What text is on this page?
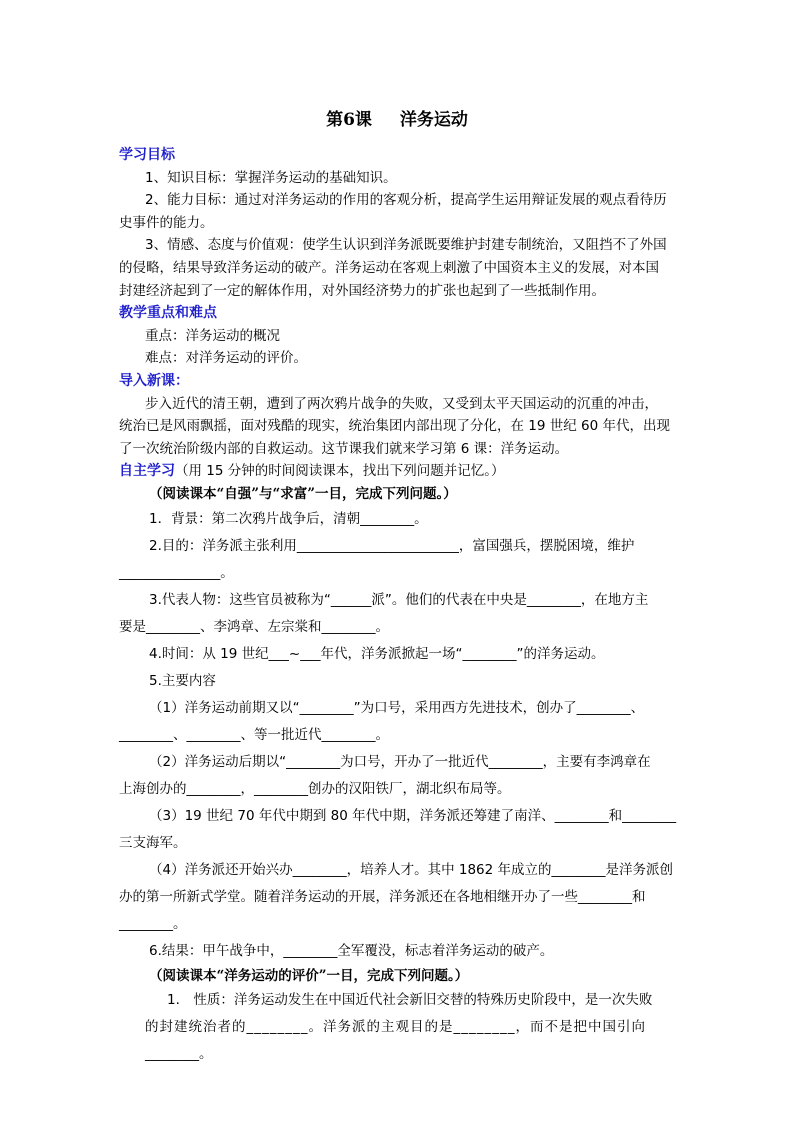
第6课 洋务运动
学习目标
1、知识目标：掌握洋务运动的基础知识。
2、能力目标：通过对洋务运动的作用的客观分析，提高学生运用辩证发展的观点看待历
史事件的能力。
3、情感、态度与价值观：使学生认识到洋务派既要维护封建专制统治，又阻挡不了外国
的侵略，结果导致洋务运动的破产。洋务运动在客观上刺激了中国资本主义的发展，对本国
封建经济起到了一定的解体作用，对外国经济势力的扩张也起到了一些抵制作用。
教学重点和难点
重点：洋务运动的概况
难点：对洋务运动的评价。
导入新课：
步入近代的清王朝，遭到了两次鸦片战争的失败，又受到太平天国运动的沉重的冲击，
统治已是风雨飘摇，面对残酷的现实，统治集团内部出现了分化，在 19 世纪 60 年代，出现
了一次统治阶级内部的自救运动。这节课我们就来学习第 6 课：洋务运动。
自主学习（用 15 分钟的时间阅读课本，找出下列问题并记忆。）
（阅读课本“自强”与“求富”一目，完成下列问题。）
1．背景：第二次鸦片战争后，清朝________。
2.目的：洋务派主张利用________________________，富国强兵，摆脱困境，维护
_______________。
3.代表人物：这些官员被称为“______派”。他们的代表在中央是________，在地方主
要是________、李鸿章、左宗棠和________。
4.时间：从 19 世纪___~___年代，洋务派掀起一场“________”的洋务运动。
5.主要内容
（1）洋务运动前期又以“________”为口号，采用西方先进技术，创办了________、
________、________、等一批近代________。
（2）洋务运动后期以“________为口号，开办了一批近代________，主要有李鸿章在
上海创办的________，________创办的汉阳铁厂，湖北织布局等。
（3）19 世纪 70 年代中期到 80 年代中期，洋务派还筹建了南洋、________和________
三支海军。
（4）洋务派还开始兴办________，培养人才。其中 1862 年成立的________是洋务派创
办的第一所新式学堂。随着洋务运动的开展，洋务派还在各地相继开办了一些________和
________。
6.结果：甲午战争中，________全军覆没，标志着洋务运动的破产。
（阅读课本“洋务运动的评价”一目，完成下列问题。）
1.　性质：洋务运动发生在中国近代社会新旧交替的特殊历史阶段中，是一次失败
的封建统治者的________。洋务派的主观目的是________，而不是把中国引向
________。
